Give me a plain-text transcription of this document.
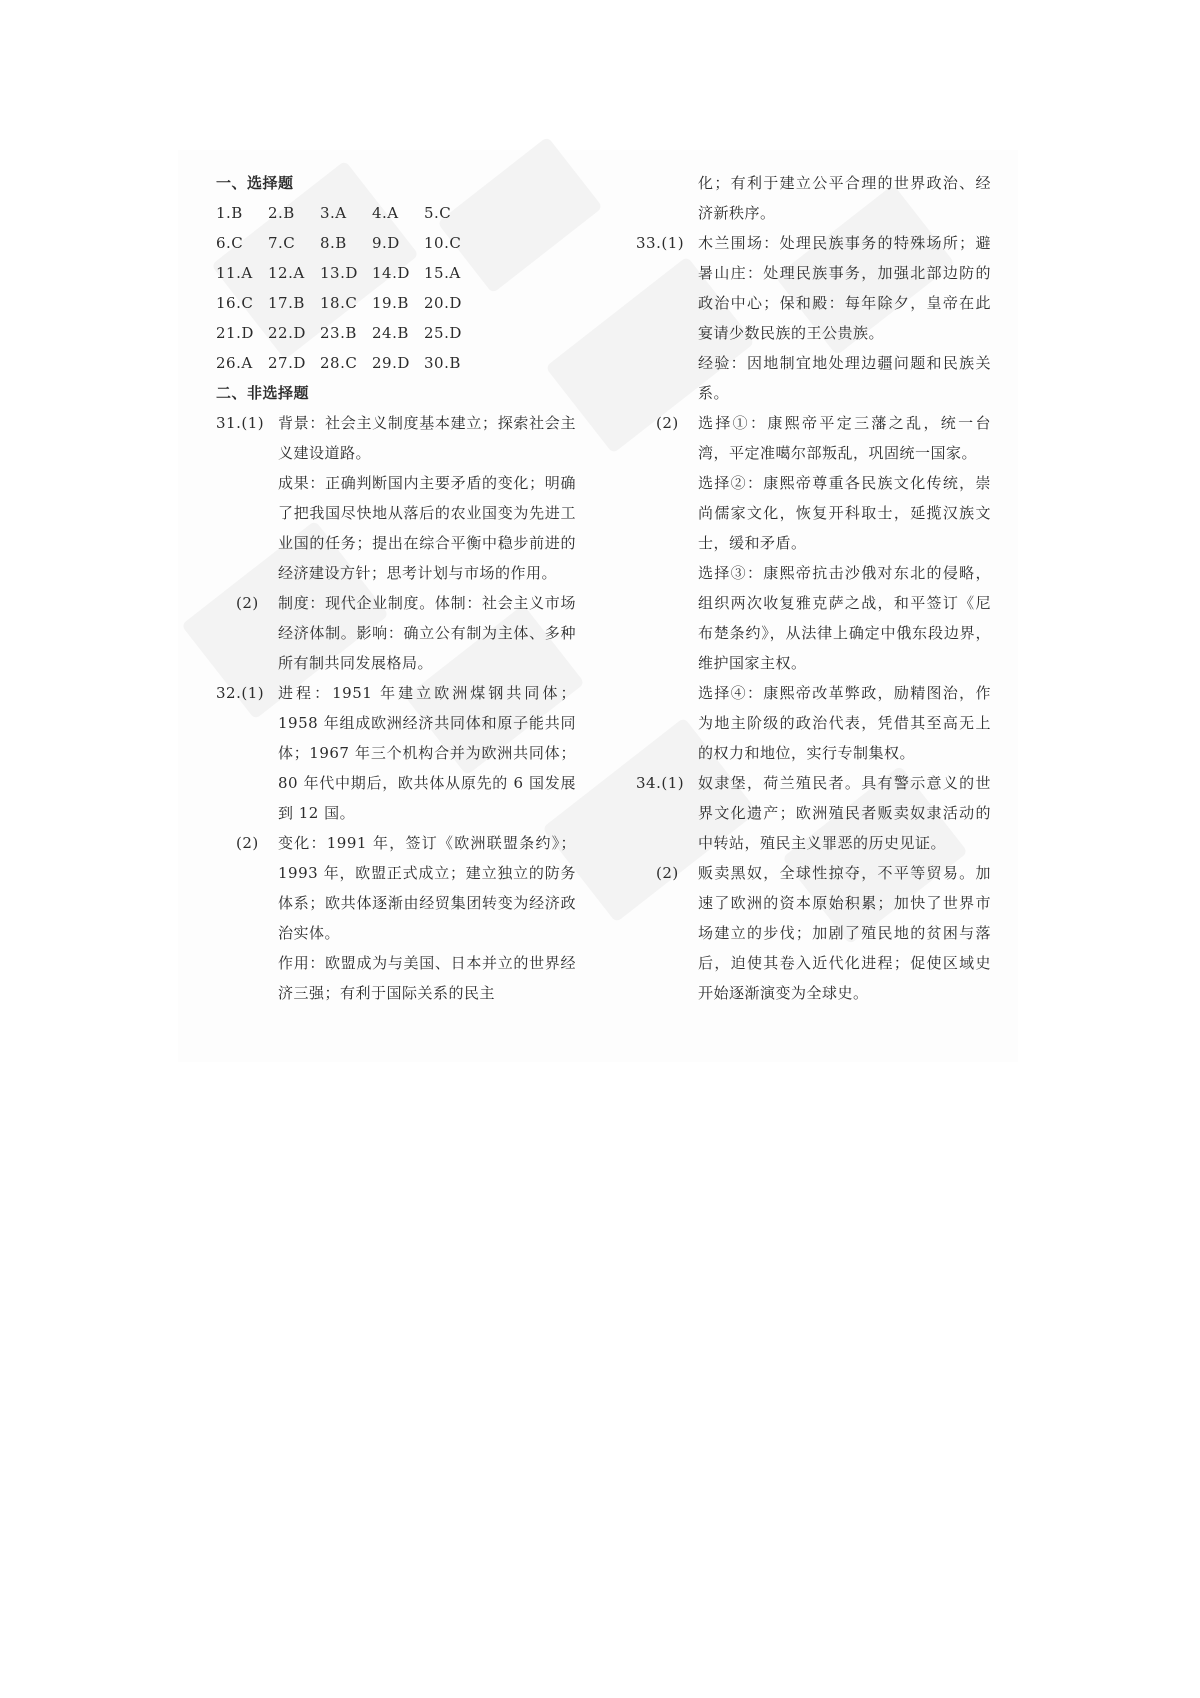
一、选择题
1.B	2.B	3.A	4.A	5.C
6.C	7.C	8.B	9.D	10.C
11.A	12.A	13.D 14.D 15.A
16.C 17.B	18.C 19.B	20.D
21.D 22.D 23.B	24.B	25.D
26.A	27.D 28.C 29.D 30.B
二、非选择题
31.(1) 背景：社会主义制度基本建立；探索社会主义建设道路。
成果：正确判断国内主要矛盾的变化；明确了把我国尽快地从落后的农业国变为先进工业国的任务；提出在综合平衡中稳步前进的经济建设方针；思考计划与市场的作用。
(2) 制度：现代企业制度。体制：社会主义市场经济体制。影响：确立公有制为主体、多种所有制共同发展格局。
32.(1) 进程：1951 年建立欧洲煤钢共同体；1958 年组成欧洲经济共同体和原子能共同体；1967 年三个机构合并为欧洲共同体；80 年代中期后，欧共体从原先的 6 国发展到 12 国。
(2) 变化：1991 年，签订《欧洲联盟条约》；1993 年，欧盟正式成立；建立独立的防务体系；欧共体逐渐由经贸集团转变为经济政治实体。
作用：欧盟成为与美国、日本并立的世界经济三强；有利于国际关系的民主
化；有利于建立公平合理的世界政治、经济新秩序。
33.(1) 木兰围场：处理民族事务的特殊场所；避暑山庄：处理民族事务，加强北部边防的政治中心；保和殿：每年除夕，皇帝在此宴请少数民族的王公贵族。
经验：因地制宜地处理边疆问题和民族关系。
(2) 选择①：康熙帝平定三藩之乱，统一台湾，平定准噶尔部叛乱，巩固统一国家。
选择②：康熙帝尊重各民族文化传统，崇尚儒家文化，恢复开科取士，延揽汉族文士，缓和矛盾。
选择③：康熙帝抗击沙俄对东北的侵略，组织两次收复雅克萨之战，和平签订《尼布楚条约》，从法律上确定中俄东段边界，维护国家主权。
选择④：康熙帝改革弊政，励精图治，作为地主阶级的政治代表，凭借其至高无上的权力和地位，实行专制集权。
34.(1) 奴隶堡，荷兰殖民者。具有警示意义的世界文化遗产；欧洲殖民者贩卖奴隶活动的中转站，殖民主义罪恶的历史见证。
(2) 贩卖黑奴，全球性掠夺，不平等贸易。加速了欧洲的资本原始积累；加快了世界市场建立的步伐；加剧了殖民地的贫困与落后，迫使其卷入近代化进程；促使区域史开始逐渐演变为全球史。
